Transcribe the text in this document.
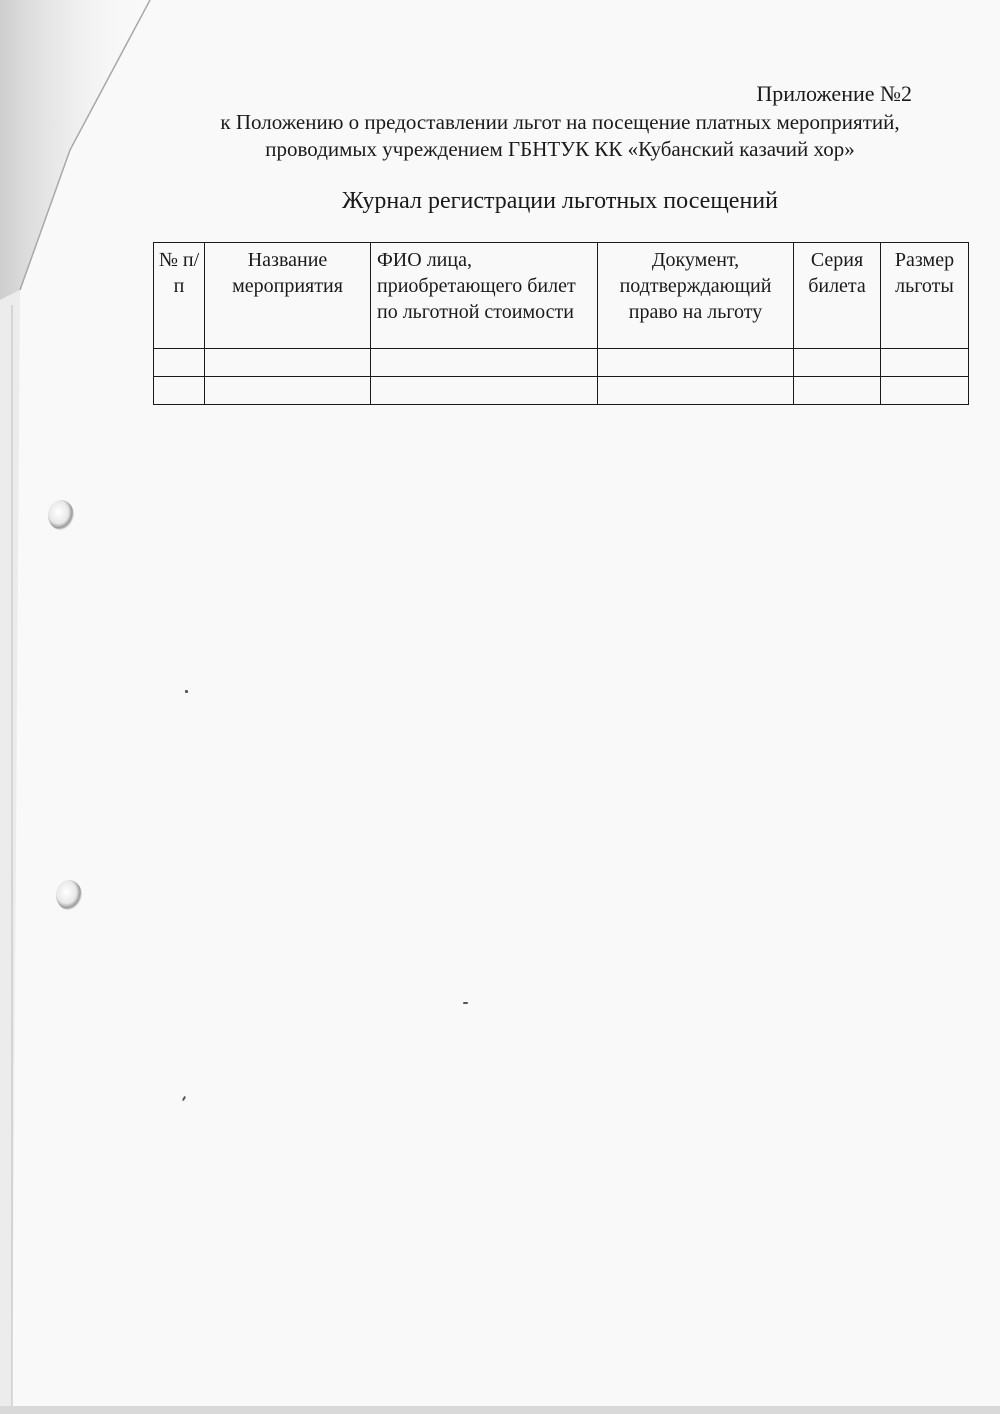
Приложение №2
к Положению о предоставлении льгот на посещение платных мероприятий,
проводимых учреждением ГБНТУК КК «Кубанский казачий хор»
Журнал регистрации льготных посещений
№ п/п	Название мероприятия	ФИО лица, приобретающего билет по льготной стоимости	Документ, подтверждающий право на льготу	Серия билета	Размер льготы
